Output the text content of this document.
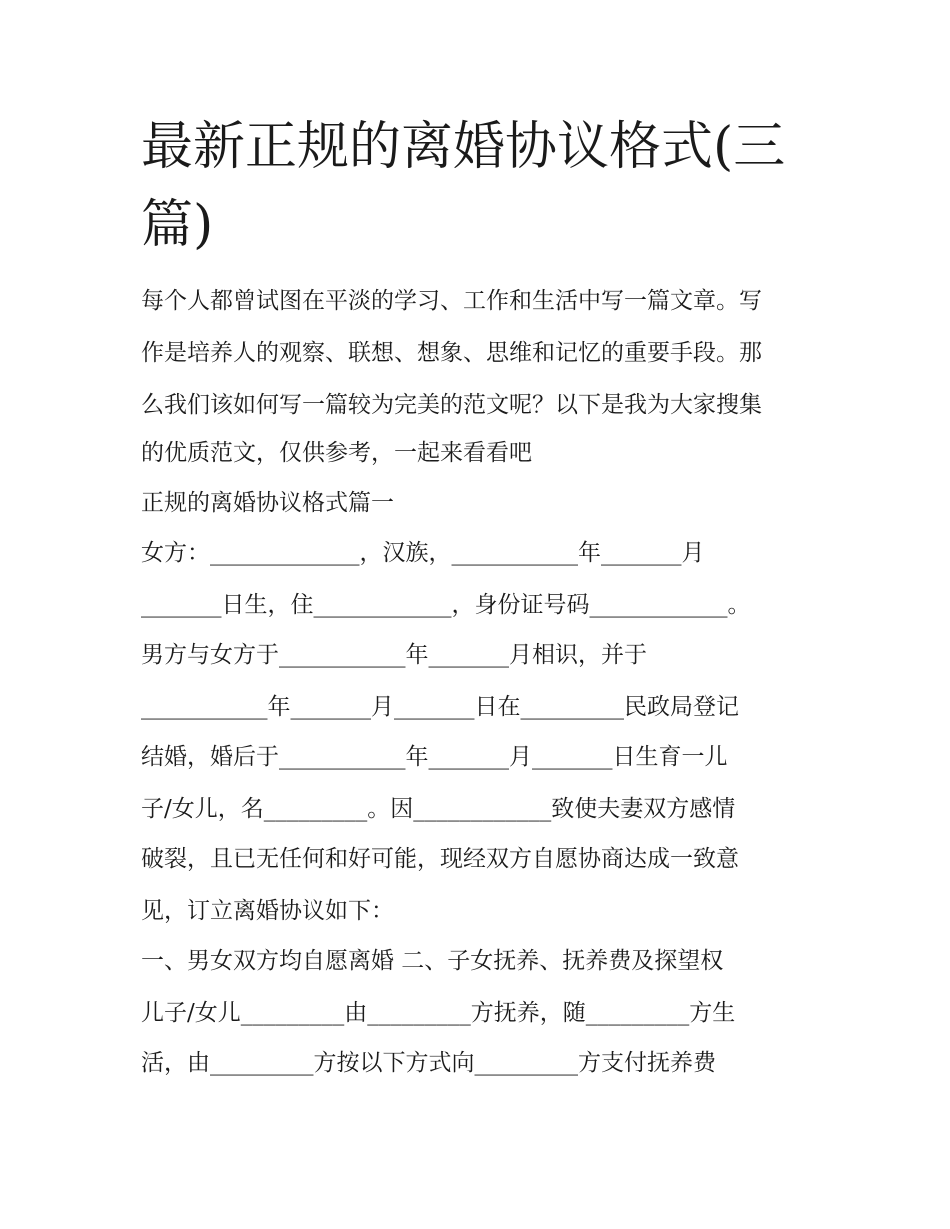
最新正规的离婚协议格式(三篇)

每个人都曾试图在平淡的学习、工作和生活中写一篇文章。写

作是培养人的观察、联想、想象、思维和记忆的重要手段。那

么我们该如何写一篇较为完美的范文呢？以下是我为大家搜集

的优质范文，仅供参考，一起来看看吧

正规的离婚协议格式篇一

女方：_____________，汉族，___________年_______月

_______日生，住____________，身份证号码____________。

男方与女方于___________年_______月相识，并于

___________年_______月_______日在_________民政局登记

结婚，婚后于___________年_______月_______日生育一儿

子/女儿，名_________。因____________致使夫妻双方感情

破裂，且已无任何和好可能，现经双方自愿协商达成一致意

见，订立离婚协议如下：

一、男女双方均自愿离婚 二、子女抚养、抚养费及探望权

儿子/女儿_________由_________方抚养，随_________方生

活，由_________方按以下方式向_________方支付抚养费
